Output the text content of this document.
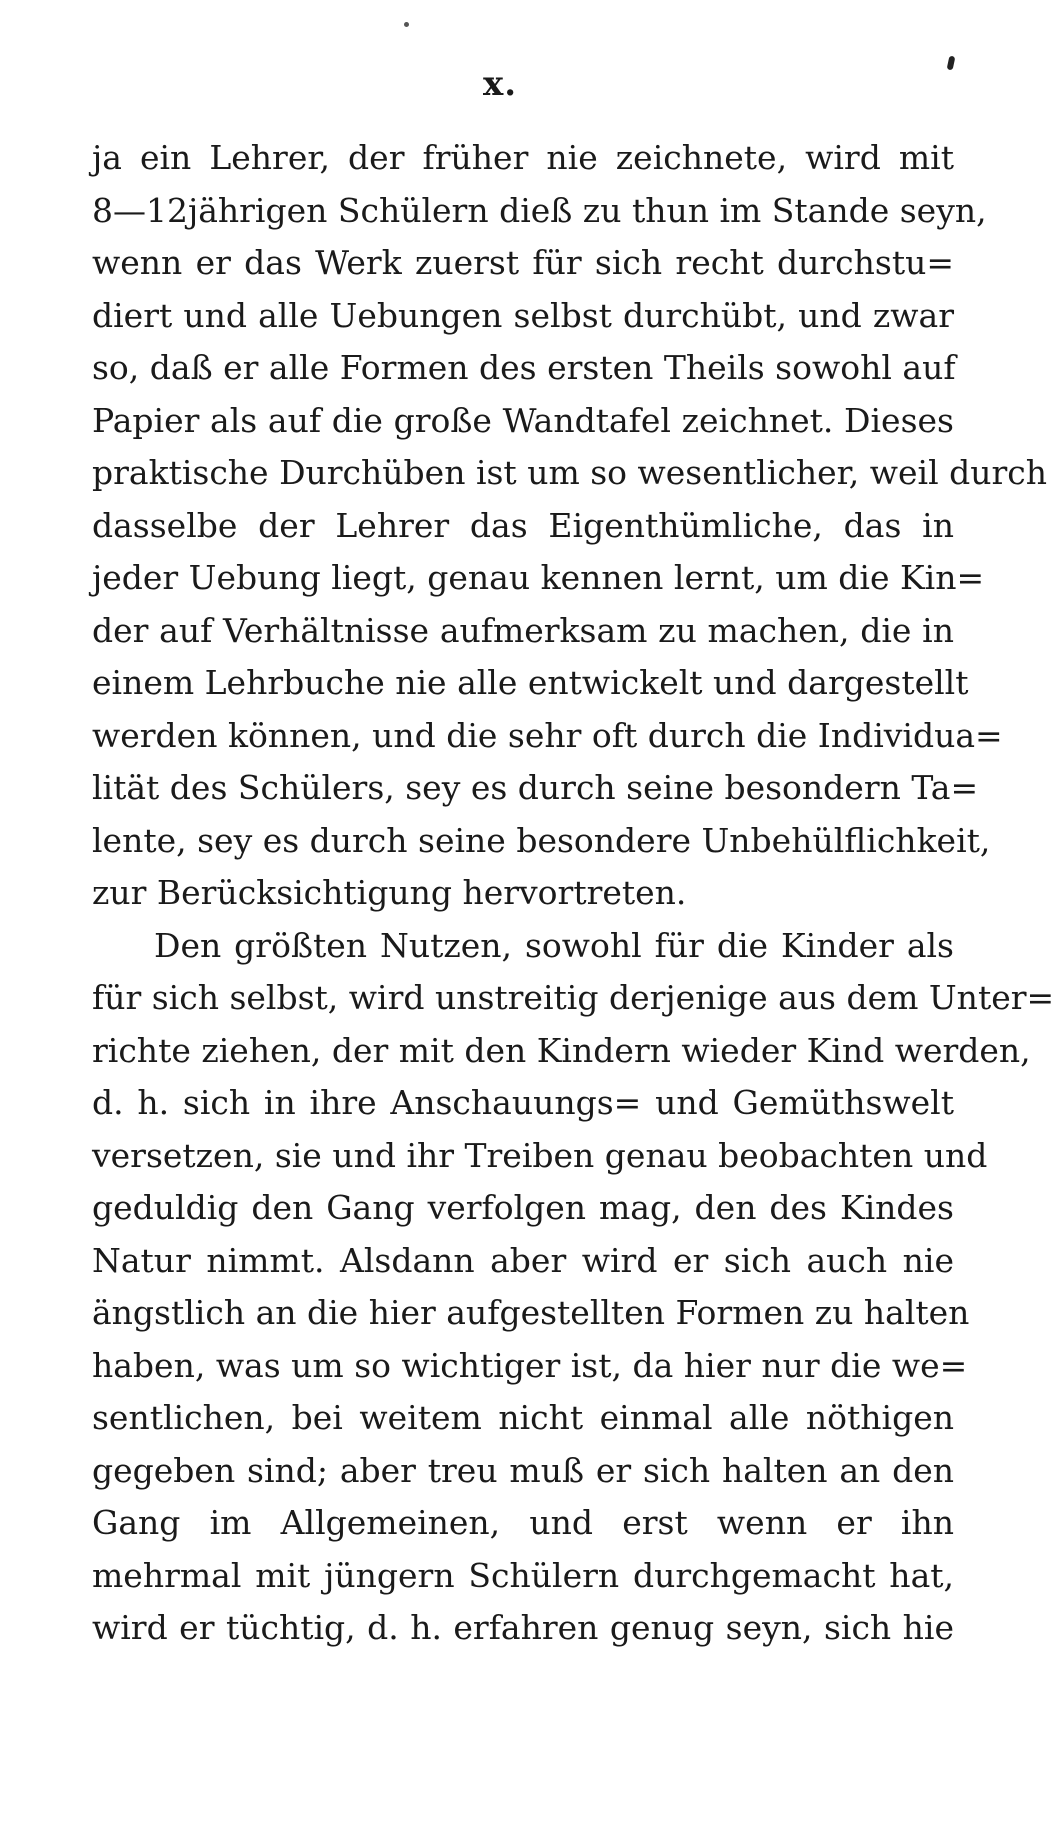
x.
ja ein Lehrer, der früher nie zeichnete, wird mit
8—12jährigen Schülern dieß zu thun im Stande seyn,
wenn er das Werk zuerst für sich recht durchstu=
diert und alle Uebungen selbst durchübt, und zwar
so, daß er alle Formen des ersten Theils sowohl auf
Papier als auf die große Wandtafel zeichnet. Dieses
praktische Durchüben ist um so wesentlicher, weil durch
dasselbe der Lehrer das Eigenthümliche, das in
jeder Uebung liegt, genau kennen lernt, um die Kin=
der auf Verhältnisse aufmerksam zu machen, die in
einem Lehrbuche nie alle entwickelt und dargestellt
werden können, und die sehr oft durch die Individua=
lität des Schülers, sey es durch seine besondern Ta=
lente, sey es durch seine besondere Unbehülflichkeit,
zur Berücksichtigung hervortreten.
Den größten Nutzen, sowohl für die Kinder als
für sich selbst, wird unstreitig derjenige aus dem Unter=
richte ziehen, der mit den Kindern wieder Kind werden,
d. h. sich in ihre Anschauungs= und Gemüthswelt
versetzen, sie und ihr Treiben genau beobachten und
geduldig den Gang verfolgen mag, den des Kindes
Natur nimmt. Alsdann aber wird er sich auch nie
ängstlich an die hier aufgestellten Formen zu halten
haben, was um so wichtiger ist, da hier nur die we=
sentlichen, bei weitem nicht einmal alle nöthigen
gegeben sind; aber treu muß er sich halten an den
Gang im Allgemeinen, und erst wenn er ihn
mehrmal mit jüngern Schülern durchgemacht hat,
wird er tüchtig, d. h. erfahren genug seyn, sich hie
